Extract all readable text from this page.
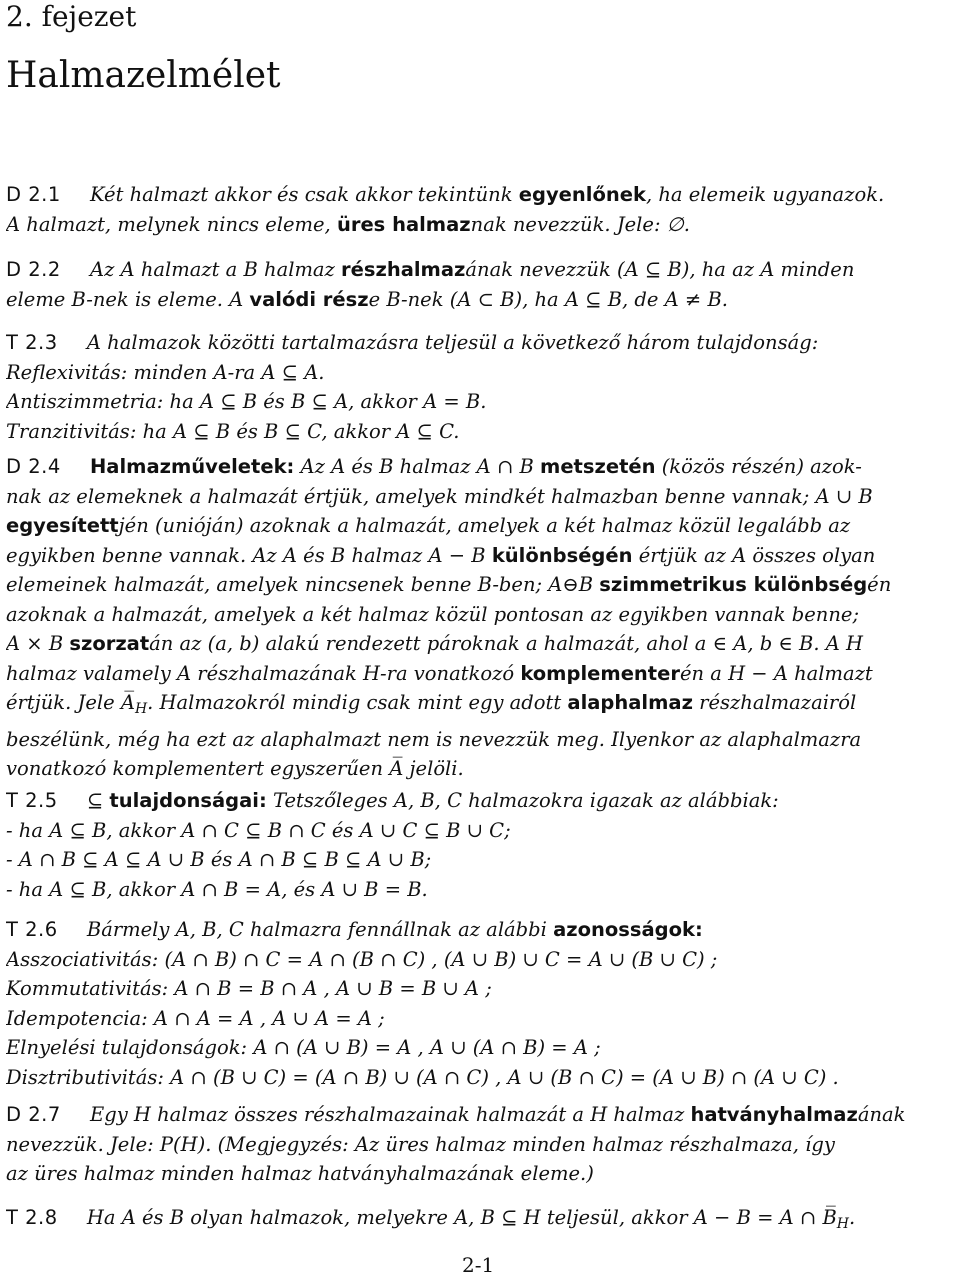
2. fejezet
Halmazelmélet
D 2.1   Két halmazt akkor és csak akkor tekintünk egyenlőnek, ha elemeik ugyanazok.
A halmazt, melynek nincs eleme, üres halmaznak nevezzük. Jele: ∅.
D 2.2   Az A halmazt a B halmaz részhalmazának nevezzük (A ⊆ B), ha az A minden
eleme B-nek is eleme. A valódi része B-nek (A ⊂ B), ha A ⊆ B, de A ≠ B.
T 2.3   A halmazok közötti tartalmazásra teljesül a következő három tulajdonság:
Reflexivitás: minden A-ra A ⊆ A.
Antiszimmetria: ha A ⊆ B és B ⊆ A, akkor A = B.
Tranzitivitás: ha A ⊆ B és B ⊆ C, akkor A ⊆ C.
D 2.4   Halmazműveletek: Az A és B halmaz A ∩ B metszetén (közös részén) azok-
nak az elemeknek a halmazát értjük, amelyek mindkét halmazban benne vannak; A ∪ B
egyesítettjén (unióján) azoknak a halmazát, amelyek a két halmaz közül legalább az
egyikben benne vannak. Az A és B halmaz A − B különbségén értjük az A összes olyan
elemeinek halmazát, amelyek nincsenek benne B-ben; A⊖B szimmetrikus különbségén
azoknak a halmazát, amelyek a két halmaz közül pontosan az egyikben vannak benne;
A × B szorzatán az (a, b) alakú rendezett pároknak a halmazát, ahol a ∈ A, b ∈ B. A H
halmaz valamely A részhalmazának H-ra vonatkozó komplementerén a H − A halmazt
értjük. Jele $A̅_H$. Halmazokról mindig csak mint egy adott alaphalmaz részhalmazairól
beszélünk, még ha ezt az alaphalmazt nem is nevezzük meg. Ilyenkor az alaphalmazra
vonatkozó komplementert egyszerűen A̅ jelöli.
T 2.5   ⊆ tulajdonságai: Tetszőleges A, B, C halmazokra igazak az alábbiak:
- ha A ⊆ B, akkor A ∩ C ⊆ B ∩ C és A ∪ C ⊆ B ∪ C;
- A ∩ B ⊆ A ⊆ A ∪ B és A ∩ B ⊆ B ⊆ A ∪ B;
- ha A ⊆ B, akkor A ∩ B = A, és A ∪ B = B.
T 2.6   Bármely A, B, C halmazra fennállnak az alábbi azonosságok:
Asszociativitás: (A ∩ B) ∩ C = A ∩ (B ∩ C) , (A ∪ B) ∪ C = A ∪ (B ∪ C) ;
Kommutativitás: A ∩ B = B ∩ A , A ∪ B = B ∪ A ;
Idempotencia: A ∩ A = A , A ∪ A = A ;
Elnyelési tulajdonságok: A ∩ (A ∪ B) = A , A ∪ (A ∩ B) = A ;
Disztributivitás: A ∩ (B ∪ C) = (A ∩ B) ∪ (A ∩ C) , A ∪ (B ∩ C) = (A ∪ B) ∩ (A ∪ C) .
D 2.7   Egy H halmaz összes részhalmazainak halmazát a H halmaz hatványhalmazának
nevezzük. Jele: P(H). (Megjegyzés: Az üres halmaz minden halmaz részhalmaza, így
az üres halmaz minden halmaz hatványhalmazának eleme.)
T 2.8   Ha A és B olyan halmazok, melyekre A, B ⊆ H teljesül, akkor A − B = A ∩ $B̅_H$.
2-1
